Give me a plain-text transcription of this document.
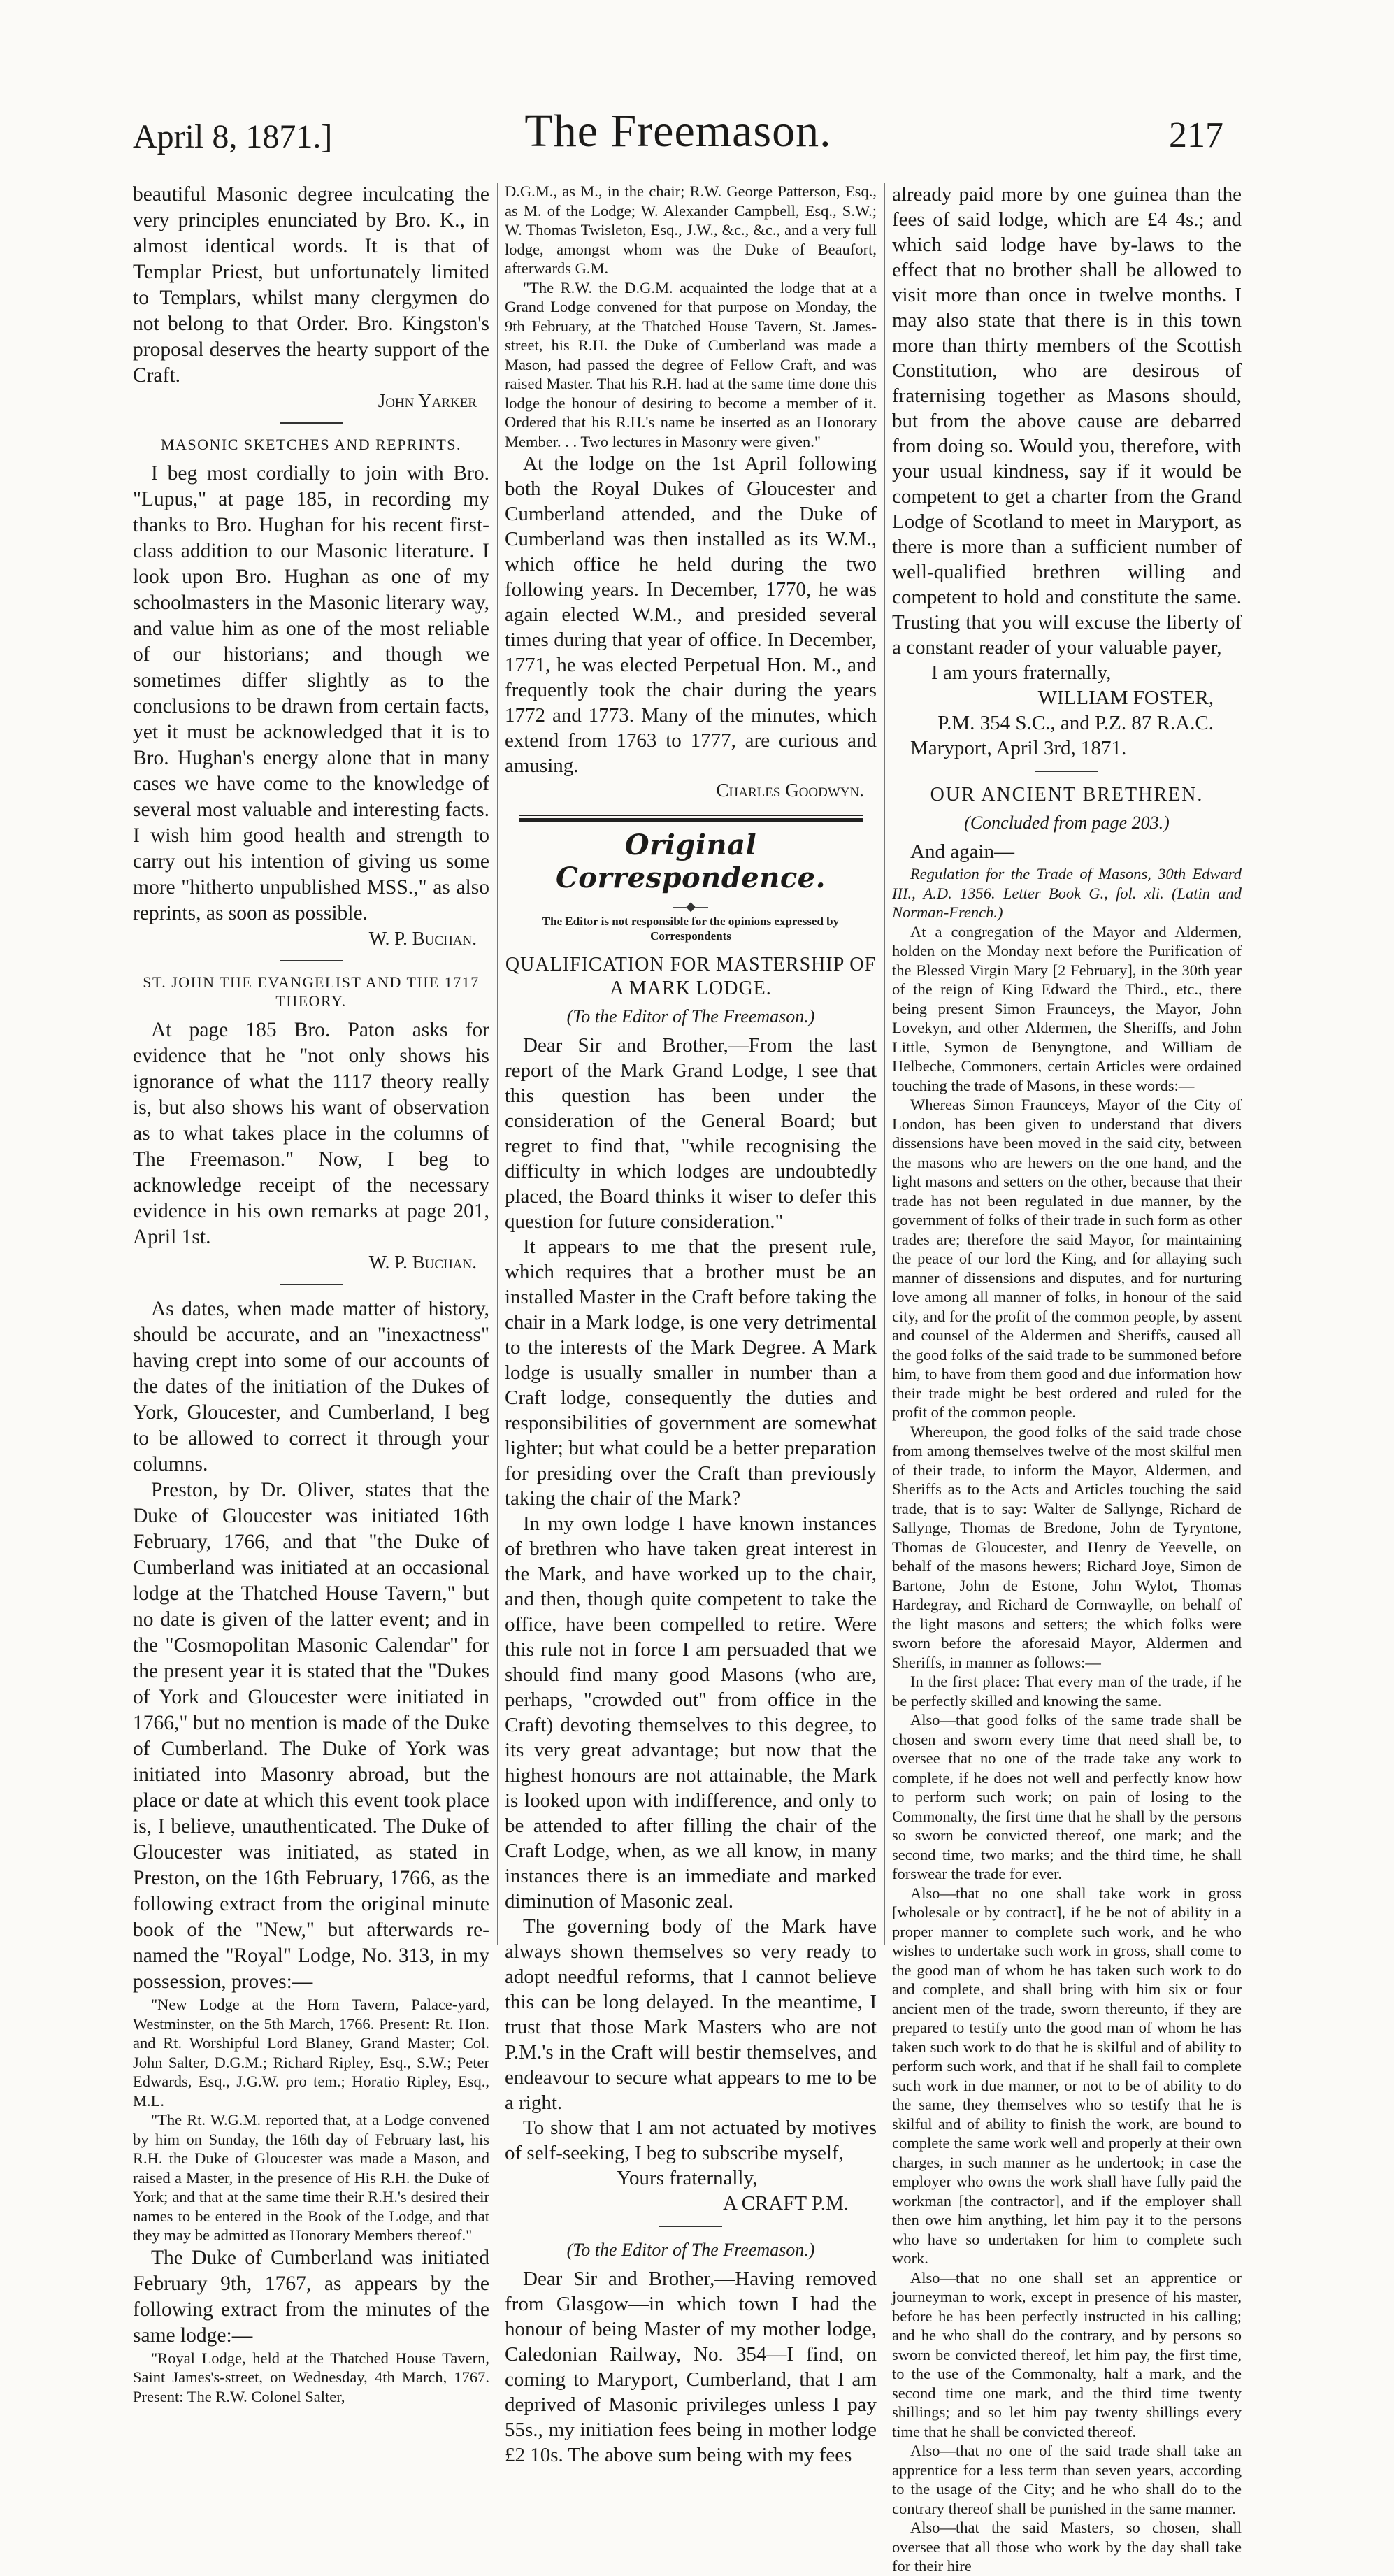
April 8, 1871.]	The Freemason.	217

beautiful Masonic degree inculcating the very principles enunciated by Bro. K., in almost identical words. It is that of Templar Priest, but unfortunately limited to Templars, whilst many clergymen do not belong to that Order. Bro. Kingston's proposal deserves the hearty support of the Craft.

John Yarker

MASONIC SKETCHES AND REPRINTS.

I beg most cordially to join with Bro. "Lupus," at page 185, in recording my thanks to Bro. Hughan for his recent first-class addition to our Masonic literature. I look upon Bro. Hughan as one of my schoolmasters in the Masonic literary way, and value him as one of the most reliable of our historians; and though we sometimes differ slightly as to the conclusions to be drawn from certain facts, yet it must be acknowledged that it is to Bro. Hughan's energy alone that in many cases we have come to the knowledge of several most valuable and interesting facts. I wish him good health and strength to carry out his intention of giving us some more "hitherto unpublished MSS.," as also reprints, as soon as possible.

W. P. Buchan.

ST. JOHN THE EVANGELIST AND THE 1717 THEORY.

At page 185 Bro. Paton asks for evidence that he "not only shows his ignorance of what the 1117 theory really is, but also shows his want of observation as to what takes place in the columns of The Freemason." Now, I beg to acknowledge receipt of the necessary evidence in his own remarks at page 201, April 1st.

W. P. Buchan.

As dates, when made matter of history, should be accurate, and an "inexactness" having crept into some of our accounts of the dates of the initiation of the Dukes of York, Gloucester, and Cumberland, I beg to be allowed to correct it through your columns.

Preston, by Dr. Oliver, states that the Duke of Gloucester was initiated 16th February, 1766, and that "the Duke of Cumberland was initiated at an occasional lodge at the Thatched House Tavern," but no date is given of the latter event; and in the "Cosmopolitan Masonic Calendar" for the present year it is stated that the "Dukes of York and Gloucester were initiated in 1766," but no mention is made of the Duke of Cumberland. The Duke of York was initiated into Masonry abroad, but the place or date at which this event took place is, I believe, unauthenticated. The Duke of Gloucester was initiated, as stated in Preston, on the 16th February, 1766, as the following extract from the original minute book of the "New," but afterwards re-named the "Royal" Lodge, No. 313, in my possession, proves:—

"New Lodge at the Horn Tavern, Palace-yard, Westminster, on the 5th March, 1766. Present: Rt. Hon. and Rt. Worshipful Lord Blaney, Grand Master; Col. John Salter, D.G.M.; Richard Ripley, Esq., S.W.; Peter Edwards, Esq., J.G.W. pro tem.; Horatio Ripley, Esq., M.L.

"The Rt. W.G.M. reported that, at a Lodge convened by him on Sunday, the 16th day of February last, his R.H. the Duke of Gloucester was made a Mason, and raised a Master, in the presence of His R.H. the Duke of York; and that at the same time their R.H.'s desired their names to be entered in the Book of the Lodge, and that they may be admitted as Honorary Members thereof."

The Duke of Cumberland was initiated February 9th, 1767, as appears by the following extract from the minutes of the same lodge:—

"Royal Lodge, held at the Thatched House Tavern, Saint James's-street, on Wednesday, 4th March, 1767. Present: The R.W. Colonel Salter,

D.G.M., as M., in the chair; R.W. George Patterson, Esq., as M. of the Lodge; W. Alexander Campbell, Esq., S.W.; W. Thomas Twisleton, Esq., J.W., &c., &c., and a very full lodge, amongst whom was the Duke of Beaufort, afterwards G.M.

"The R.W. the D.G.M. acquainted the lodge that at a Grand Lodge convened for that purpose on Monday, the 9th February, at the Thatched House Tavern, St. James-street, his R.H. the Duke of Cumberland was made a Mason, had passed the degree of Fellow Craft, and was raised Master. That his R.H. had at the same time done this lodge the honour of desiring to become a member of it. Ordered that his R.H.'s name be inserted as an Honorary Member. . . Two lectures in Masonry were given."

At the lodge on the 1st April following both the Royal Dukes of Gloucester and Cumberland attended, and the Duke of Cumberland was then installed as its W.M., which office he held during the two following years. In December, 1770, he was again elected W.M., and presided several times during that year of office. In December, 1771, he was elected Perpetual Hon. M., and frequently took the chair during the years 1772 and 1773. Many of the minutes, which extend from 1763 to 1777, are curious and amusing.

Charles Goodwyn.

Original Correspondence.
—◆—
The Editor is not responsible for the opinions expressed by Correspondents
QUALIFICATION FOR MASTERSHIP OF A MARK LODGE.
(To the Editor of The Freemason.)

Dear Sir and Brother,—From the last report of the Mark Grand Lodge, I see that this question has been under the consideration of the General Board; but regret to find that, "while recognising the difficulty in which lodges are undoubtedly placed, the Board thinks it wiser to defer this question for future consideration."

It appears to me that the present rule, which requires that a brother must be an installed Master in the Craft before taking the chair in a Mark lodge, is one very detrimental to the interests of the Mark Degree. A Mark lodge is usually smaller in number than a Craft lodge, consequently the duties and responsibilities of government are somewhat lighter; but what could be a better preparation for presiding over the Craft than previously taking the chair of the Mark?

In my own lodge I have known instances of brethren who have taken great interest in the Mark, and have worked up to the chair, and then, though quite competent to take the office, have been compelled to retire. Were this rule not in force I am persuaded that we should find many good Masons (who are, perhaps, "crowded out" from office in the Craft) devoting themselves to this degree, to its very great advantage; but now that the highest honours are not attainable, the Mark is looked upon with indifference, and only to be attended to after filling the chair of the Craft Lodge, when, as we all know, in many instances there is an immediate and marked diminution of Masonic zeal.

The governing body of the Mark have always shown themselves so very ready to adopt needful reforms, that I cannot believe this can be long delayed. In the meantime, I trust that those Mark Masters who are not P.M.'s in the Craft will bestir themselves, and endeavour to secure what appears to me to be a right.

To show that I am not actuated by motives of self-seeking, I beg to subscribe myself,

Yours fraternally,

A CRAFT P.M.

(To the Editor of The Freemason.)

Dear Sir and Brother,—Having removed from Glasgow—in which town I had the honour of being Master of my mother lodge, Caledonian Railway, No. 354—I find, on coming to Maryport, Cumberland, that I am deprived of Masonic privileges unless I pay 55s., my initiation fees being in mother lodge £2 10s. The above sum being with my fees

already paid more by one guinea than the fees of said lodge, which are £4 4s.; and which said lodge have by-laws to the effect that no brother shall be allowed to visit more than once in twelve months. I may also state that there is in this town more than thirty members of the Scottish Constitution, who are desirous of fraternising together as Masons should, but from the above cause are debarred from doing so. Would you, therefore, with your usual kindness, say if it would be competent to get a charter from the Grand Lodge of Scotland to meet in Maryport, as there is more than a sufficient number of well-qualified brethren willing and competent to hold and constitute the same. Trusting that you will excuse the liberty of a constant reader of your valuable payer,

I am yours fraternally,

WILLIAM FOSTER,

P.M. 354 S.C., and P.Z. 87 R.A.C.

Maryport, April 3rd, 1871.

OUR ANCIENT BRETHREN.
(Concluded from page 203.)

And again—

Regulation for the Trade of Masons, 30th Edward III., A.D. 1356. Letter Book G., fol. xli. (Latin and Norman-French.)

At a congregation of the Mayor and Aldermen, holden on the Monday next before the Purification of the Blessed Virgin Mary [2 February], in the 30th year of the reign of King Edward the Third., etc., there being present Simon Fraunceys, the Mayor, John Lovekyn, and other Aldermen, the Sheriffs, and John Little, Symon de Benyngtone, and William de Helbeche, Commoners, certain Articles were ordained touching the trade of Masons, in these words:—

Whereas Simon Fraunceys, Mayor of the City of London, has been given to understand that divers dissensions have been moved in the said city, between the masons who are hewers on the one hand, and the light masons and setters on the other, because that their trade has not been regulated in due manner, by the government of folks of their trade in such form as other trades are; therefore the said Mayor, for maintaining the peace of our lord the King, and for allaying such manner of dissensions and disputes, and for nurturing love among all manner of folks, in honour of the said city, and for the profit of the common people, by assent and counsel of the Aldermen and Sheriffs, caused all the good folks of the said trade to be summoned before him, to have from them good and due information how their trade might be best ordered and ruled for the profit of the common people.

Whereupon, the good folks of the said trade chose from among themselves twelve of the most skilful men of their trade, to inform the Mayor, Aldermen, and Sheriffs as to the Acts and Articles touching the said trade, that is to say: Walter de Sallynge, Richard de Sallynge, Thomas de Bredone, John de Tyryntone, Thomas de Gloucester, and Henry de Yeevelle, on behalf of the masons hewers; Richard Joye, Simon de Bartone, John de Estone, John Wylot, Thomas Hardegray, and Richard de Cornwaylle, on behalf of the light masons and setters; the which folks were sworn before the aforesaid Mayor, Aldermen and Sheriffs, in manner as follows:—

In the first place: That every man of the trade, if he be perfectly skilled and knowing the same.

Also—that good folks of the same trade shall be chosen and sworn every time that need shall be, to oversee that no one of the trade take any work to complete, if he does not well and perfectly know how to perform such work; on pain of losing to the Commonalty, the first time that he shall by the persons so sworn be convicted thereof, one mark; and the second time, two marks; and the third time, he shall forswear the trade for ever.

Also—that no one shall take work in gross [wholesale or by contract], if he be not of ability in a proper manner to complete such work, and he who wishes to undertake such work in gross, shall come to the good man of whom he has taken such work to do and complete, and shall bring with him six or four ancient men of the trade, sworn thereunto, if they are prepared to testify unto the good man of whom he has taken such work to do that he is skilful and of ability to perform such work, and that if he shall fail to complete such work in due manner, or not to be of ability to do the same, they themselves who so testify that he is skilful and of ability to finish the work, are bound to complete the same work well and properly at their own charges, in such manner as he undertook; in case the employer who owns the work shall have fully paid the workman [the contractor], and if the employer shall then owe him anything, let him pay it to the persons who have so undertaken for him to complete such work.

Also—that no one shall set an apprentice or journeyman to work, except in presence of his master, before he has been perfectly instructed in his calling; and he who shall do the contrary, and by persons so sworn be convicted thereof, let him pay, the first time, to the use of the Commonalty, half a mark, and the second time one mark, and the third time twenty shillings; and so let him pay twenty shillings every time that he shall be convicted thereof.

Also—that no one of the said trade shall take an apprentice for a less term than seven years, according to the usage of the City; and he who shall do to the contrary thereof shall be punished in the same manner.

Also—that the said Masters, so chosen, shall oversee that all those who work by the day shall take for their hire
